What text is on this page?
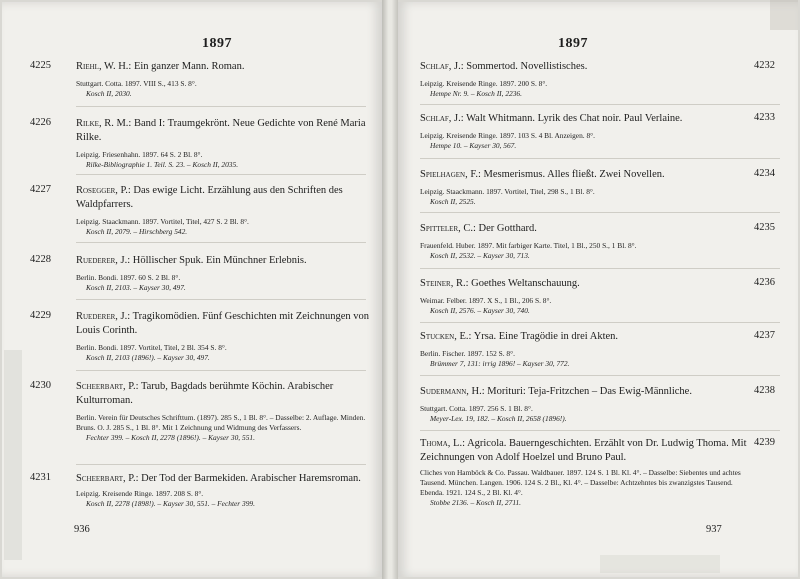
1897
4225 Riehl, W. H.: Ein ganzer Mann. Roman.
Stuttgart. Cotta. 1897. VIII S., 413 S. 8°.
Kosch II, 2030.
4226 Rilke, R. M.: Band I: Traumgekrönt. Neue Gedichte von René Maria Rilke.
Leipzig. Friesenhahn. 1897. 64 S. 2 Bl. 8°.
Rilke-Bibliographie 1. Teil. S. 23. – Kosch II, 2035.
4227 Rosegger, P.: Das ewige Licht. Erzählung aus den Schriften des Waldpfarrers.
Leipzig. Staackmann. 1897. Vortitel, Titel, 427 S. 2 Bl. 8°.
Kosch II, 2079. – Hirschberg 542.
4228 Ruederer, J.: Höllischer Spuk. Ein Münchner Erlebnis.
Berlin. Bondi. 1897. 60 S. 2 Bl. 8°.
Kosch II, 2103. – Kayser 30, 497.
4229 Ruederer, J.: Tragikomödien. Fünf Geschichten mit Zeichnungen von Louis Corinth.
Berlin. Bondi. 1897. Vortitel, Titel, 2 Bl. 354 S. 8°.
Kosch II, 2103 (1896!). – Kayser 30, 497.
4230 Scheerbart, P.: Tarub, Bagdads berühmte Köchin. Arabischer Kulturroman.
Berlin. Verein für Deutsches Schrifttum. (1897). 285 S., 1 Bl. 8°. – Dasselbe: 2. Auflage. Minden. Bruns. O. J. 285 S., 1 Bl. 8°. Mit 1 Zeichnung und Widmung des Verfassers.
Fechter 399. – Kosch II, 2278 (1896!). – Kayser 30, 551.
4231 Scheerbart, P.: Der Tod der Barmekiden. Arabischer Haremsroman.
Leipzig. Kreisende Ringe. 1897. 208 S. 8°.
Kosch II, 2278 (1898!). – Kayser 30, 551. – Fechter 399.
936
1897
4232
Schlaf, J.: Sommertod. Novellistisches.
Leipzig. Kreisende Ringe. 1897. 200 S. 8°.
Hempe Nr. 9. – Kosch II, 2236.
4233
Schlaf, J.: Walt Whitmann. Lyrik des Chat noir. Paul Verlaine.
Leipzig. Kreisende Ringe. 1897. 103 S. 4 Bl. Anzeigen. 8°.
Hempe 10. – Kayser 30, 567.
4234
Spielhagen, F.: Mesmerismus. Alles fließt. Zwei Novellen.
Leipzig. Staackmann. 1897. Vortitel, Titel, 298 S., 1 Bl. 8°.
Kosch II, 2525.
4235
Spitteler, C.: Der Gotthard.
Frauenfeld. Huber. 1897. Mit farbiger Karte. Titel, 1 Bl., 250 S., 1 Bl. 8°.
Kosch II, 2532. – Kayser 30, 713.
4236
Steiner, R.: Goethes Weltanschauung.
Weimar. Felber. 1897. X S., 1 Bl., 206 S. 8°.
Kosch II, 2576. – Kayser 30, 740.
4237
Stucken, E.: Yrsa. Eine Tragödie in drei Akten.
Berlin. Fischer. 1897. 152 S. 8°.
Brümmer 7, 131: irrig 1896! – Kayser 30, 772.
4238
Sudermann, H.: Morituri: Teja-Fritzchen – Das Ewig-Männliche.
Stuttgart. Cotta. 1897. 256 S. 1 Bl. 8°.
Meyer-Lex. 19, 182. – Kosch II, 2658 (1896!).
4239
Thoma, L.: Agricola. Bauerngeschichten. Erzählt von Dr. Ludwig Thoma. Mit Zeichnungen von Adolf Hoelzel und Bruno Paul.
Cliches von Hamböck & Co. Passau. Waldbauer. 1897. 124 S. 1 Bl. Kl. 4°. – Dasselbe: Siebentes und achtes Tausend. München. Langen. 1906. 124 S. 2 Bl., Kl. 4°. – Dasselbe: Achtzehntes bis zwanzigstes Tausend. Ebenda. 1921. 124 S., 2 Bl. Kl. 4°.
Stobbe 2136. – Kosch II, 2711.
937
